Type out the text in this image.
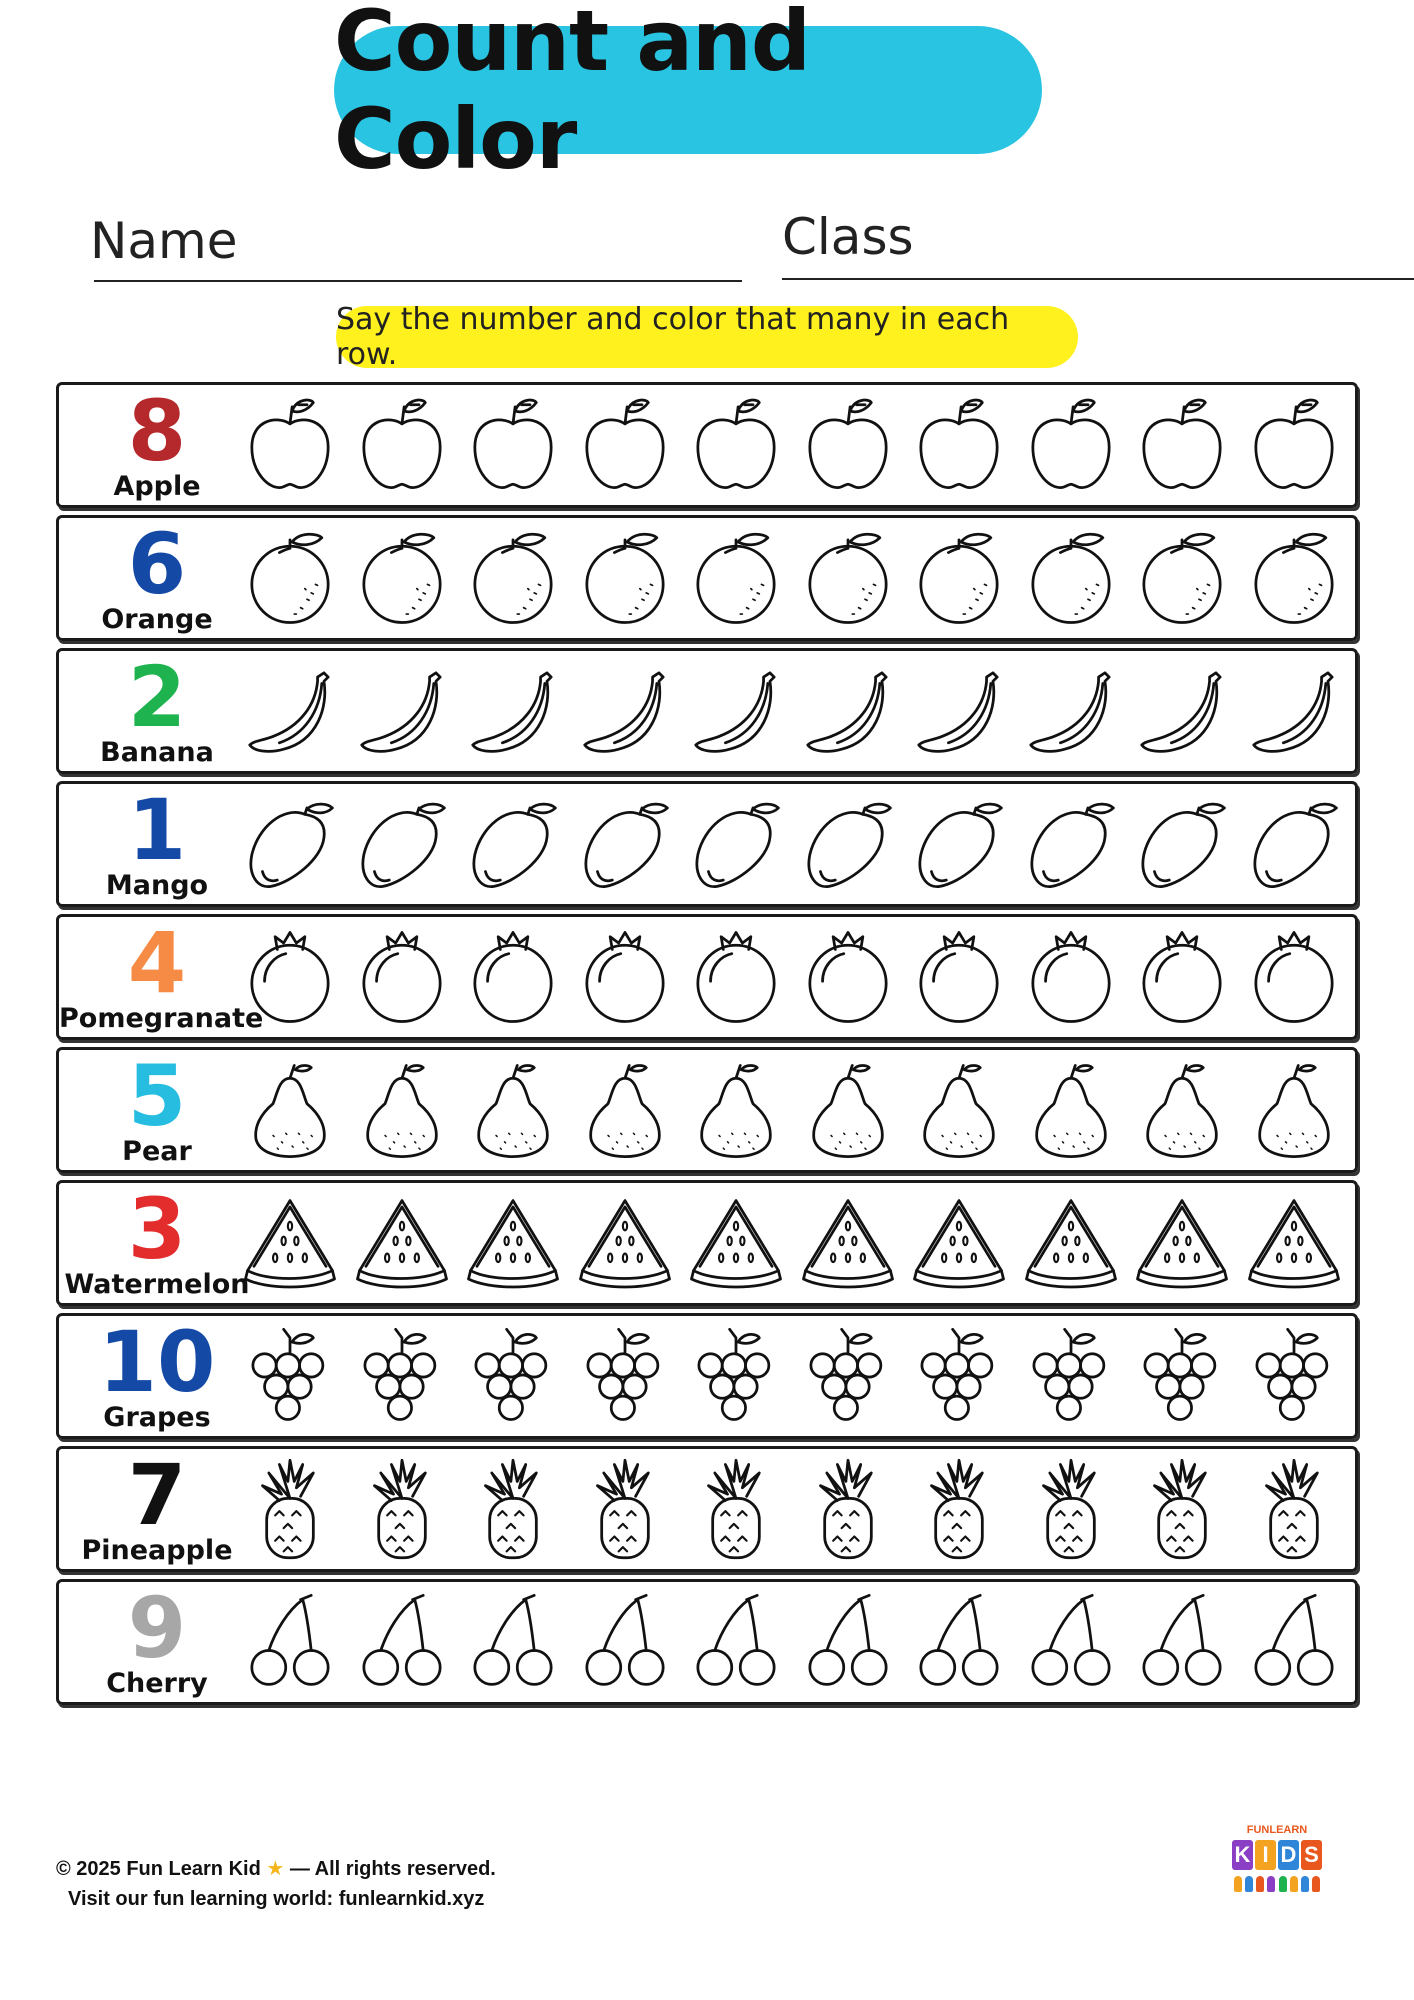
Count and Color
Name	Class
Say the number and color that many in each row.
8
Apple
6
Orange
2
Banana
1
Mango
4
Pomegranate
5
Pear
3
Watermelon
10
Grapes
7
Pineapple
9
Cherry
© 2025 Fun Learn Kid ★ — All rights reserved.
Visit our fun learning world: funlearnkid.xyz
FUNLEARN
K I D S
